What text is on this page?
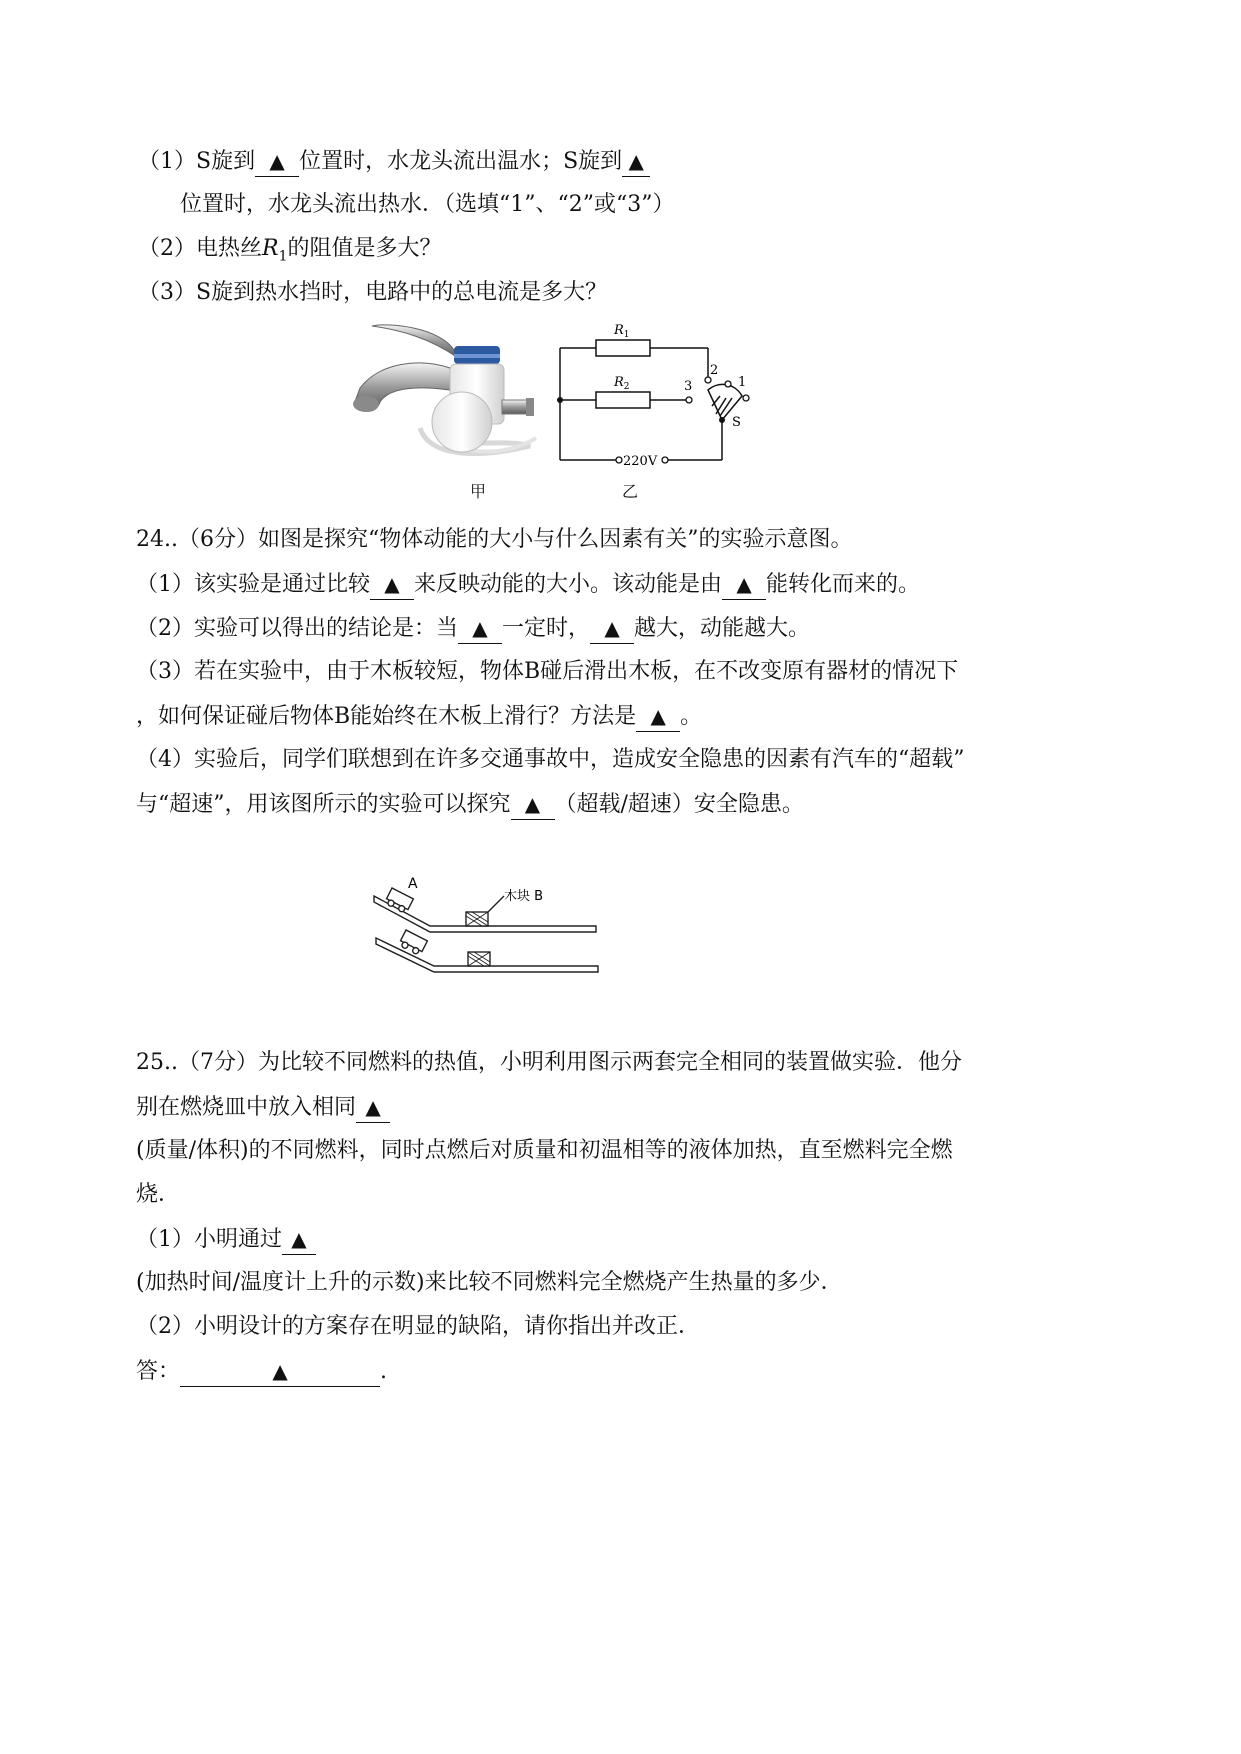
（1）S旋到 ▲ 位置时，水龙头流出温水；S旋到 ▲
位置时，水龙头流出热水．（选填“1”、“2”或“3”）
（2）电热丝$R_1$的阻值是多大？
（3）S旋到热水挡时，电路中的总电流是多大？
甲
$R_1$
$R_2$	3
2
1
S
220V
乙
24..（6分）如图是探究“物体动能的大小与什么因素有关”的实验示意图。
（1）该实验是通过比较 ▲ 来反映动能的大小。该动能是由 ▲ 能转化而来的。
（2）实验可以得出的结论是：当 ▲ 一定时， ▲ 越大，动能越大。
（3）若在实验中，由于木板较短，物体B碰后滑出木板，在不改变原有器材的情况下
，如何保证碰后物体B能始终在木板上滑行？方法是 ▲ 。
（4）实验后，同学们联想到在许多交通事故中，造成安全隐患的因素有汽车的“超载”
与“超速”，用该图所示的实验可以探究 ▲ （超载/超速）安全隐患。
A
木块 B
25..（7分）为比较不同燃料的热值，小明利用图示两套完全相同的装置做实验．他分
别在燃烧皿中放入相同 ▲
(质量/体积)的不同燃料，同时点燃后对质量和初温相等的液体加热，直至燃料完全燃
烧．
（1）小明通过 ▲
(加热时间/温度计上升的示数)来比较不同燃料完全燃烧产生热量的多少．
（2）小明设计的方案存在明显的缺陷，请你指出并改正．
答：	▲	.
